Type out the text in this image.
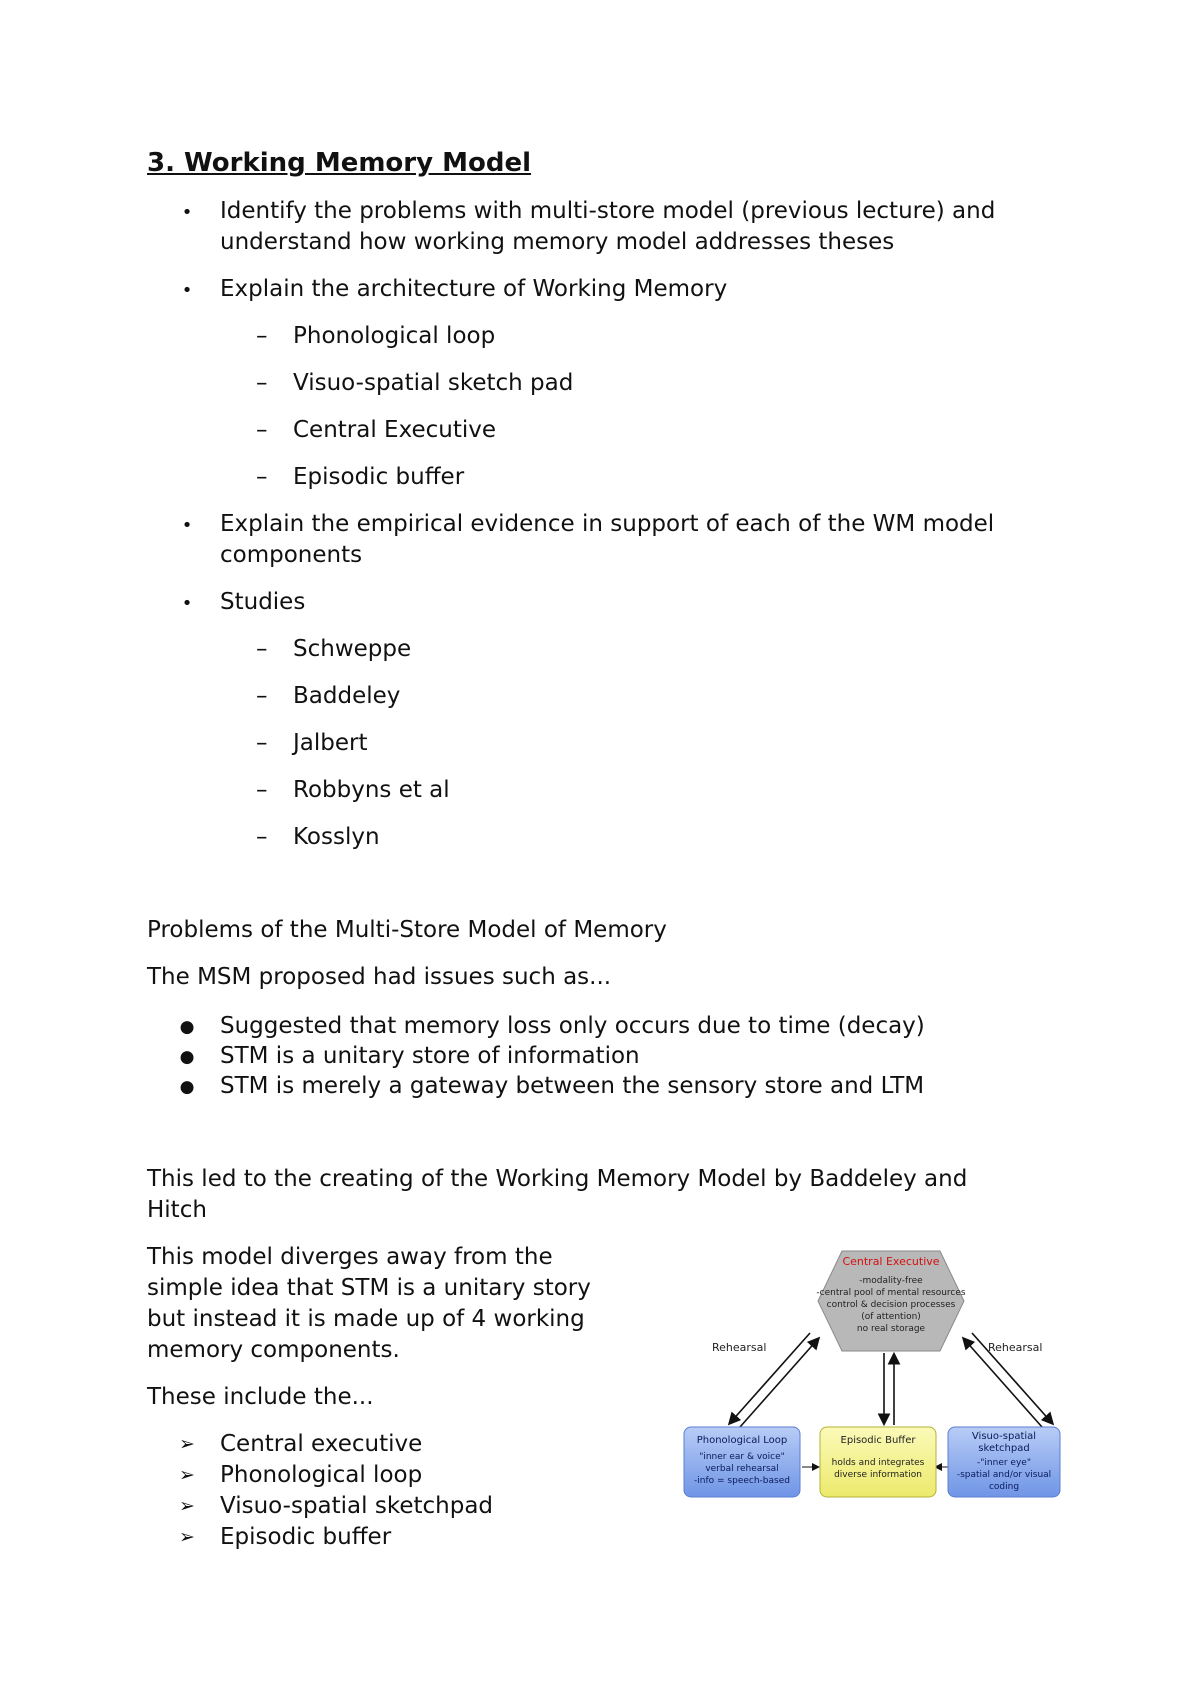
3. Working Memory Model
•	Identify the problems with multi-store model (previous lecture) and
understand how working memory model addresses theses
•	Explain the architecture of Working Memory
– Phonological loop
– Visuo-spatial sketch pad
– Central Executive
– Episodic buffer
•	Explain the empirical evidence in support of each of the WM model
components
•	Studies
– Schweppe
– Baddeley
– Jalbert
– Robbyns et al
– Kosslyn
Problems of the Multi-Store Model of Memory
The MSM proposed had issues such as...
●	Suggested that memory loss only occurs due to time (decay)
●	STM is a unitary store of information
●	STM is merely a gateway between the sensory store and LTM
This led to the creating of the Working Memory Model by Baddeley and
Hitch
This model diverges away from the
simple idea that STM is a unitary story
but instead it is made up of 4 working
memory components.
These include the...
➢	Central executive
➢	Phonological loop
➢	Visuo-spatial sketchpad
➢	Episodic buffer
Central Executive
-modality-free
-central pool of mental resources
control & decision processes
(of attention)
no real storage
Rehearsal	Rehearsal
Phonological Loop
"inner ear & voice"
verbal rehearsal
-info = speech-based
Episodic Buffer
holds and integrates
diverse information
Visuo-spatial
sketchpad
-"inner eye"
-spatial and/or visual
coding
